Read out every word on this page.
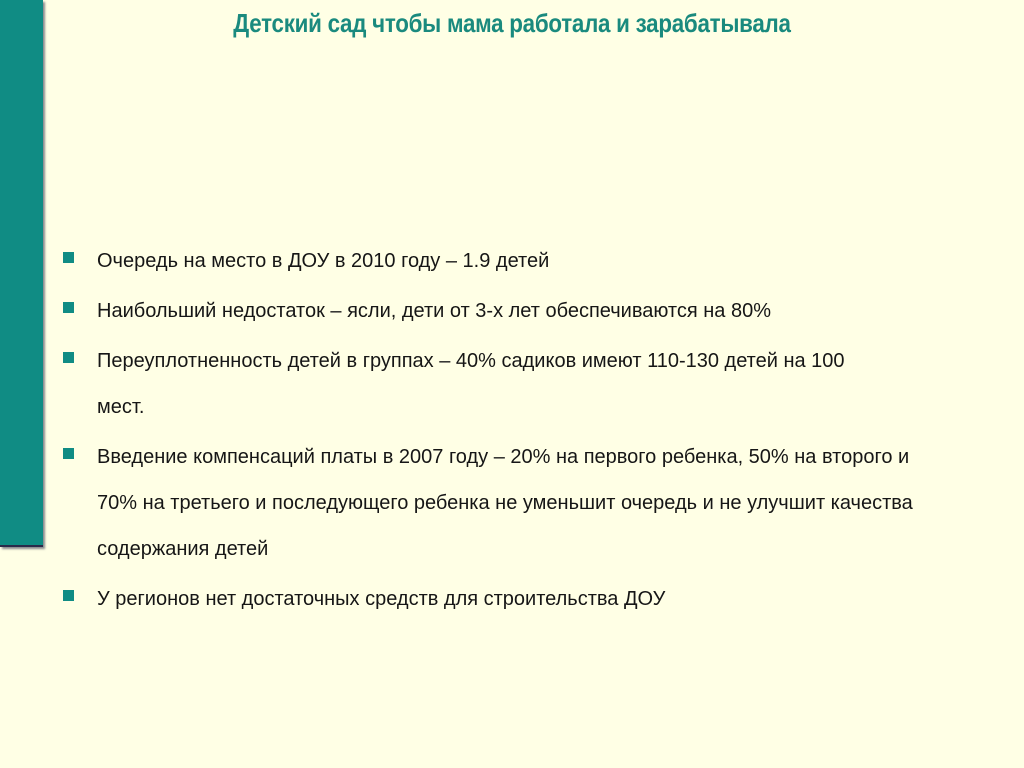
Детский сад чтобы мама работала и зарабатывала
Очередь на место в ДОУ в 2010 году – 1.9 детей
Наибольший недостаток – ясли, дети от 3-х лет обеспечиваются на 80%
Переуплотненность детей в группах – 40% садиков имеют 110-130 детей на 100 мест.
Введение компенсаций платы в 2007 году – 20% на первого ребенка, 50% на второго и 70% на третьего и последующего ребенка не уменьшит очередь и не улучшит качества содержания детей
У регионов нет достаточных средств для строительства ДОУ
